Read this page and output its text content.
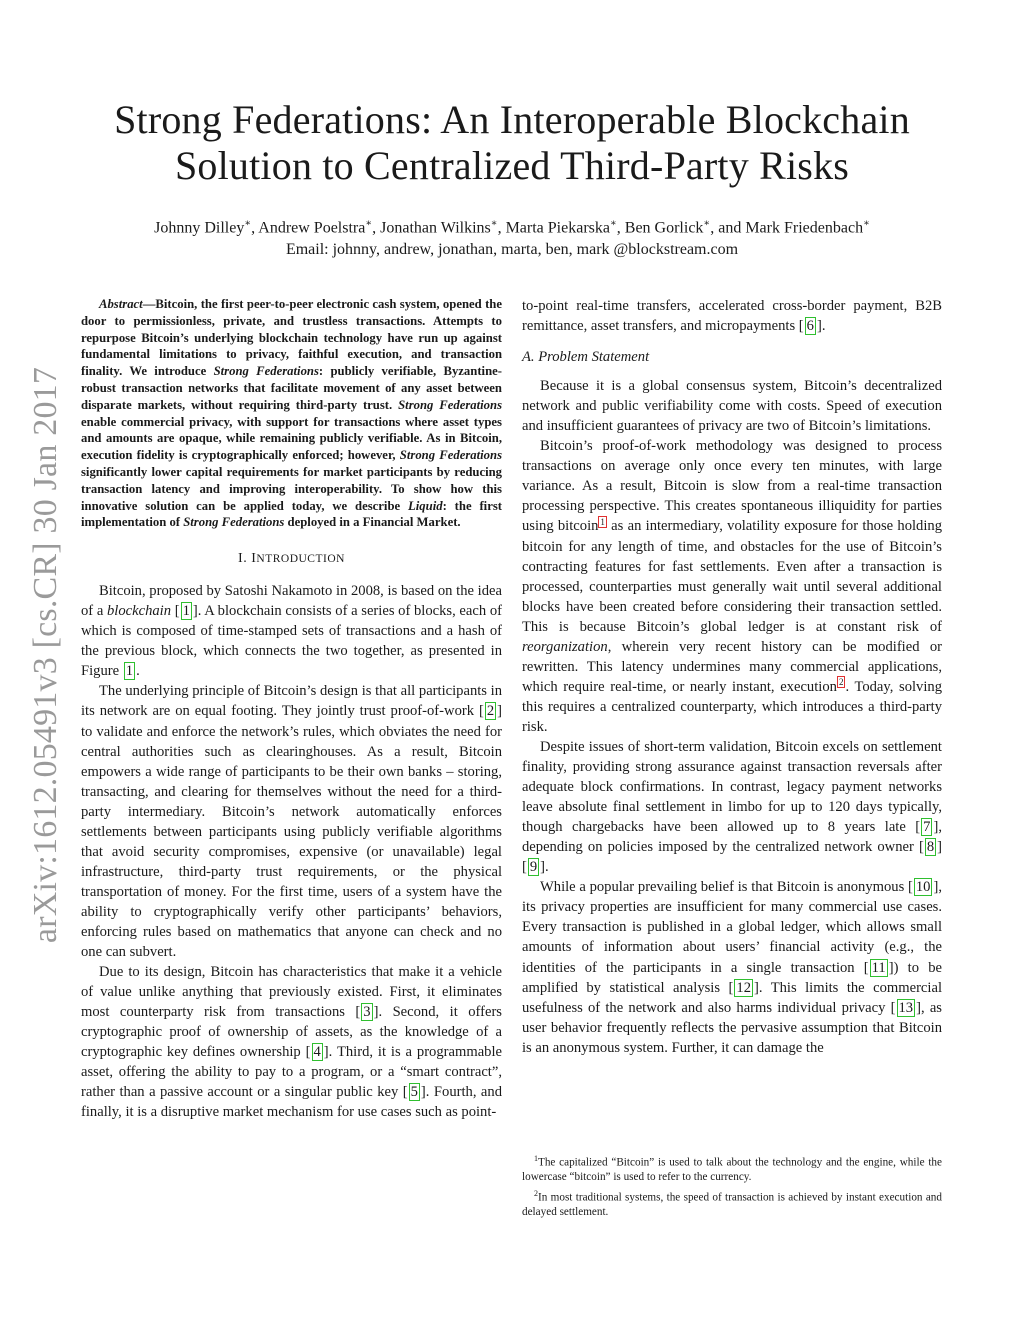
arXiv:1612.05491v3 [cs.CR] 30 Jan 2017
Strong Federations: An Interoperable Blockchain
Solution to Centralized Third-Party Risks
Johnny Dilley∗, Andrew Poelstra∗, Jonathan Wilkins∗, Marta Piekarska∗, Ben Gorlick∗, and Mark Friedenbach∗
Email: johnny, andrew, jonathan, marta, ben, mark @blockstream.com

Abstract—Bitcoin, the first peer-to-peer electronic cash system, opened the door to permissionless, private, and trustless transactions. Attempts to repurpose Bitcoin’s underlying blockchain technology have run up against fundamental limitations to privacy, faithful execution, and transaction finality. We introduce Strong Federations: publicly verifiable, Byzantine-robust transaction networks that facilitate movement of any asset between disparate markets, without requiring third-party trust. Strong Federations enable commercial privacy, with support for transactions where asset types and amounts are opaque, while remaining publicly verifiable. As in Bitcoin, execution fidelity is cryptographically enforced; however, Strong Federations significantly lower capital requirements for market participants by reducing transaction latency and improving interoperability. To show how this innovative solution can be applied today, we describe Liquid: the first implementation of Strong Federations deployed in a Financial Market.

I. INTRODUCTION

Bitcoin, proposed by Satoshi Nakamoto in 2008, is based on the idea of a blockchain [ 1 ]. A blockchain consists of a series of blocks, each of which is composed of time-stamped sets of transactions and a hash of the previous block, which connects the two together, as presented in Figure 1 .

The underlying principle of Bitcoin’s design is that all participants in its network are on equal footing. They jointly trust proof-of-work [ 2 ] to validate and enforce the network’s rules, which obviates the need for central authorities such as clearinghouses. As a result, Bitcoin empowers a wide range of participants to be their own banks – storing, transacting, and clearing for themselves without the need for a third-party intermediary. Bitcoin’s network automatically enforces settlements between participants using publicly verifiable algorithms that avoid security compromises, expensive (or unavailable) legal infrastructure, third-party trust requirements, or the physical transportation of money. For the first time, users of a system have the ability to cryptographically verify other participants’ behaviors, enforcing rules based on mathematics that anyone can check and no one can subvert.

Due to its design, Bitcoin has characteristics that make it a vehicle of value unlike anything that previously existed. First, it eliminates most counterparty risk from transactions [ 3 ]. Second, it offers cryptographic proof of ownership of assets, as the knowledge of a cryptographic key defines ownership [ 4 ]. Third, it is a programmable asset, offering the ability to pay to a program, or a “smart contract”, rather than a passive account or a singular public key [ 5 ]. Fourth, and finally, it is a disruptive market mechanism for use cases such as point-

to-point real-time transfers, accelerated cross-border payment, B2B remittance, asset transfers, and micropayments [ 6 ].

A. Problem Statement

Because it is a global consensus system, Bitcoin’s decentralized network and public verifiability come with costs. Speed of execution and insufficient guarantees of privacy are two of Bitcoin’s limitations.

Bitcoin’s proof-of-work methodology was designed to process transactions on average only once every ten minutes, with large variance. As a result, Bitcoin is slow from a real-time transaction processing perspective. This creates spontaneous illiquidity for parties using bitcoin $^1$ as an intermediary, volatility exposure for those holding bitcoin for any length of time, and obstacles for the use of Bitcoin’s contracting features for fast settlements. Even after a transaction is processed, counterparties must generally wait until several additional blocks have been created before considering their transaction settled. This is because Bitcoin’s global ledger is at constant risk of reorganization, wherein very recent history can be modified or rewritten. This latency undermines many commercial applications, which require real-time, or nearly instant, execution $^2$ . Today, solving this requires a centralized counterparty, which introduces a third-party risk.

Despite issues of short-term validation, Bitcoin excels on settlement finality, providing strong assurance against transaction reversals after adequate block confirmations. In contrast, legacy payment networks leave absolute final settlement in limbo for up to 120 days typically, though chargebacks have been allowed up to 8 years late [ 7 ], depending on policies imposed by the centralized network owner [ 8 ] [ 9 ].

While a popular prevailing belief is that Bitcoin is anonymous [ 10 ], its privacy properties are insufficient for many commercial use cases. Every transaction is published in a global ledger, which allows small amounts of information about users’ financial activity (e.g., the identities of the participants in a single transaction [ 11 ]) to be amplified by statistical analysis [ 12 ]. This limits the commercial usefulness of the network and also harms individual privacy [ 13 ], as user behavior frequently reflects the pervasive assumption that Bitcoin is an anonymous system. Further, it can damage the

$^1$The capitalized “Bitcoin” is used to talk about the technology and the engine, while the lowercase “bitcoin” is used to refer to the currency.

$^2$In most traditional systems, the speed of transaction is achieved by instant execution and delayed settlement.
